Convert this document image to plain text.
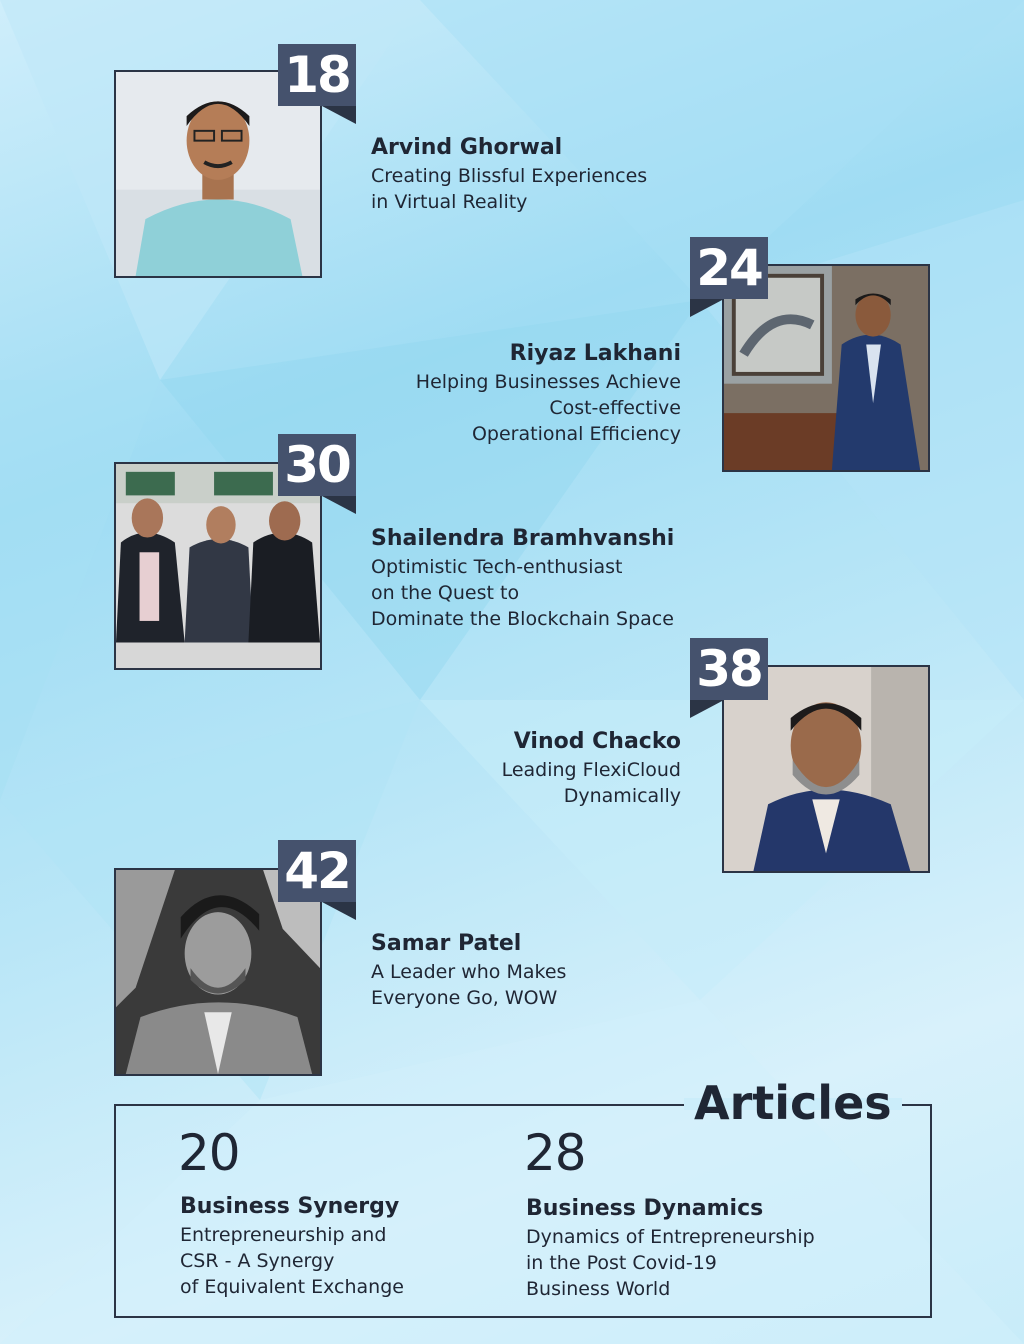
18
Arvind Ghorwal
Creating Blissful Experiences
in Virtual Reality
24
Riyaz Lakhani
Helping Businesses Achieve
Cost-effective
Operational Efficiency
30
Shailendra Bramhvanshi
Optimistic Tech-enthusiast
on the Quest to
Dominate the Blockchain Space
38
Vinod Chacko
Leading FlexiCloud
Dynamically
42
Samar Patel
A Leader who Makes
Everyone Go, WOW
Articles
20
Business Synergy
Entrepreneurship and
CSR - A Synergy
of Equivalent Exchange
28
Business Dynamics
Dynamics of Entrepreneurship
in the Post Covid-19
Business World
